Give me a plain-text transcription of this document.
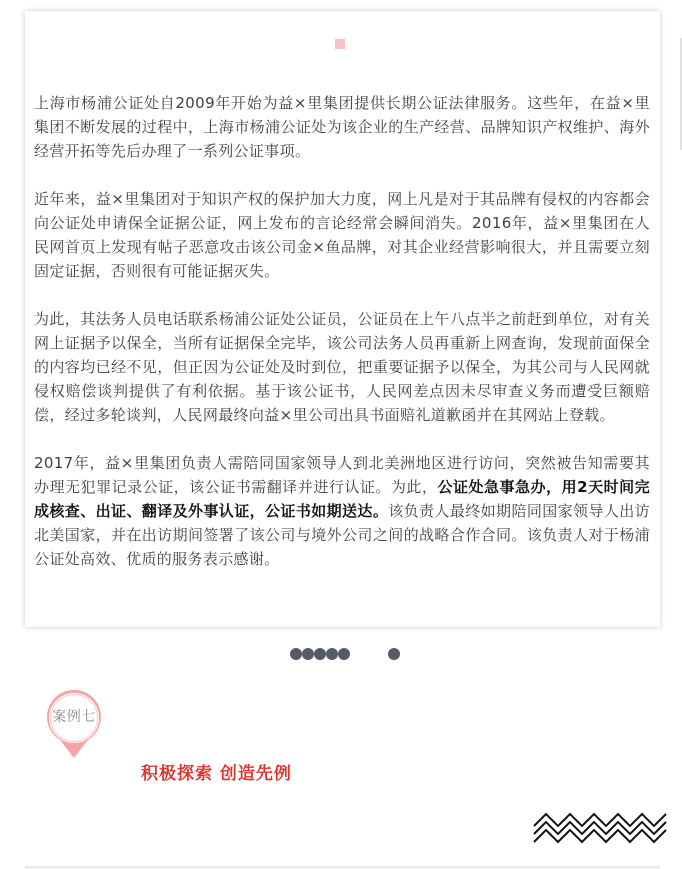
上海市杨浦公证处自2009年开始为益×里集团提供长期公证法律服务。这些年，在益×里集团不断发展的过程中，上海市杨浦公证处为该企业的生产经营、品牌知识产权维护、海外经营开拓等先后办理了一系列公证事项。

近年来，益×里集团对于知识产权的保护加大力度，网上凡是对于其品牌有侵权的内容都会向公证处申请保全证据公证，网上发布的言论经常会瞬间消失。2016年，益×里集团在人民网首页上发现有帖子恶意攻击该公司金×鱼品牌，对其企业经营影响很大，并且需要立刻固定证据，否则很有可能证据灭失。

为此，其法务人员电话联系杨浦公证处公证员，公证员在上午八点半之前赶到单位，对有关网上证据予以保全，当所有证据保全完毕，该公司法务人员再重新上网查询，发现前面保全的内容均已经不见，但正因为公证处及时到位，把重要证据予以保全，为其公司与人民网就侵权赔偿谈判提供了有利依据。基于该公证书，人民网差点因未尽审查义务而遭受巨额赔偿，经过多轮谈判，人民网最终向益×里公司出具书面赔礼道歉函并在其网站上登载。

2017年，益×里集团负责人需陪同国家领导人到北美洲地区进行访问，突然被告知需要其办理无犯罪记录公证，该公证书需翻译并进行认证。为此，公证处急事急办，用2天时间完成核查、出证、翻译及外事认证，公证书如期送达。该负责人最终如期陪同国家领导人出访北美国家，并在出访期间签署了该公司与境外公司之间的战略合作合同。该负责人对于杨浦公证处高效、优质的服务表示感谢。

案例七
积极探索 创造先例
